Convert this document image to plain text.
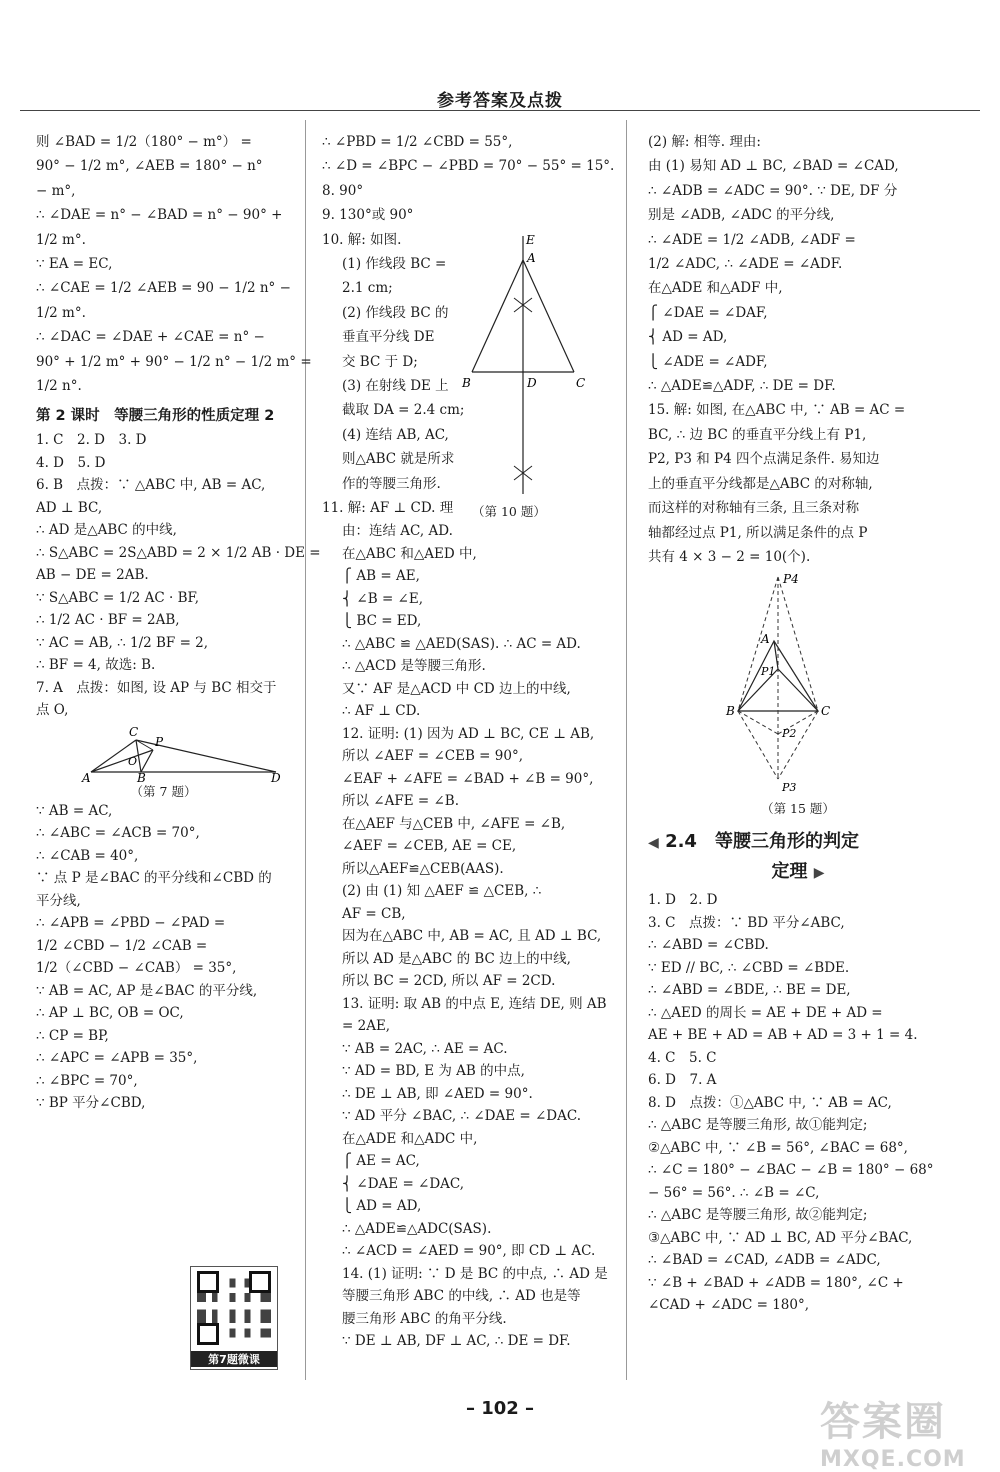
参考答案及点拨

则 ∠BAD = 1/2（180° − m°） =

90° − 1/2 m°, ∠AEB = 180° − n°

− m°,

∴ ∠DAE = n° − ∠BAD = n° − 90° +

1/2 m°.

∵ EA = EC,

∴ ∠CAE = 1/2 ∠AEB = 90 − 1/2 n° −

1/2 m°.

∴ ∠DAC = ∠DAE + ∠CAE = n° −

90° + 1/2 m° + 90° − 1/2 n° − 1/2 m° =

1/2 n°.

第 2 课时　等腰三角形的性质定理 2

1. C　2. D　3. D

4. D　5. D

6. B　点拨：∵ △ABC 中, AB = AC,

AD ⊥ BC,

∴ AD 是△ABC 的中线,

∴ S△ABC = 2S△ABD = 2 × 1/2 AB · DE =

AB − DE = 2AB.

∵ S△ABC = 1/2 AC · BF,

∴ 1/2 AC · BF = 2AB,

∵ AC = AB, ∴ 1/2 BF = 2,

∴ BF = 4, 故选: B.

7. A　点拨：如图, 设 AP 与 BC 相交于

点 O,

A	B
C
D
O
P

（第 7 题）

∵ AB = AC,

∴ ∠ABC = ∠ACB = 70°,

∴ ∠CAB = 40°,

∵ 点 P 是∠BAC 的平分线和∠CBD 的

平分线,

∴ ∠APB = ∠PBD − ∠PAD =

1/2 ∠CBD − 1/2 ∠CAB =

1/2（∠CBD − ∠CAB） = 35°,

∵ AB = AC, AP 是∠BAC 的平分线,

∴ AP ⊥ BC, OB = OC,

∴ CP = BP,

∴ ∠APC = ∠APB = 35°,

∴ ∠BPC = 70°,

∵ BP 平分∠CBD,

第7题微课

∴ ∠PBD = 1/2 ∠CBD = 55°,

∴ ∠D = ∠BPC − ∠PBD = 70° − 55° = 15°.

8. 90°

9. 130°或 90°

10. 解: 如图.

(1) 作线段 BC =

2.1 cm;

(2) 作线段 BC 的

垂直平分线 DE

交 BC 于 D;

(3) 在射线 DE 上

截取 DA = 2.4 cm;

(4) 连结 AB, AC,

则△ABC 就是所求

作的等腰三角形.

E
A
B	D	C
（第 10 题）

11. 解: AF ⊥ CD. 理

由：连结 AC, AD.

在△ABC 和△AED 中,

⎧ AB = AE,

⎨ ∠B = ∠E,

⎩ BC = ED,

∴ △ABC ≌ △AED(SAS). ∴ AC = AD.

∴ △ACD 是等腰三角形.

又∵ AF 是△ACD 中 CD 边上的中线,

∴ AF ⊥ CD.

12. 证明: (1) 因为 AD ⊥ BC, CE ⊥ AB,

所以 ∠AEF = ∠CEB = 90°,

∠EAF + ∠AFE = ∠BAD + ∠B = 90°,

所以 ∠AFE = ∠B.

在△AEF 与△CEB 中, ∠AFE = ∠B,

∠AEF = ∠CEB, AE = CE,

所以△AEF≌△CEB(AAS).

(2) 由 (1) 知 △AEF ≌ △CEB, ∴

AF = CB,

因为在△ABC 中, AB = AC, 且 AD ⊥ BC,

所以 AD 是△ABC 的 BC 边上的中线,

所以 BC = 2CD, 所以 AF = 2CD.

13. 证明: 取 AB 的中点 E, 连结 DE, 则 AB

= 2AE,

∵ AB = 2AC, ∴ AE = AC.

∵ AD = BD, E 为 AB 的中点,

∴ DE ⊥ AB, 即 ∠AED = 90°.

∵ AD 平分 ∠BAC, ∴ ∠DAE = ∠DAC.

在△ADE 和△ADC 中,

⎧ AE = AC,

⎨ ∠DAE = ∠DAC,

⎩ AD = AD,

∴ △ADE≌△ADC(SAS).

∴ ∠ACD = ∠AED = 90°, 即 CD ⊥ AC.

14. (1) 证明: ∵ D 是 BC 的中点, ∴ AD 是

等腰三角形 ABC 的中线, ∴ AD 也是等

腰三角形 ABC 的角平分线.

∵ DE ⊥ AB, DF ⊥ AC, ∴ DE = DF.

(2) 解: 相等. 理由:

由 (1) 易知 AD ⊥ BC, ∠BAD = ∠CAD,

∴ ∠ADB = ∠ADC = 90°. ∵ DE, DF 分

别是 ∠ADB, ∠ADC 的平分线,

∴ ∠ADE = 1/2 ∠ADB, ∠ADF =

1/2 ∠ADC, ∴ ∠ADE = ∠ADF.

在△ADE 和△ADF 中,

⎧ ∠DAE = ∠DAF,

⎨ AD = AD,

⎩ ∠ADE = ∠ADF,

∴ △ADE≌△ADF, ∴ DE = DF.

15. 解: 如图, 在△ABC 中, ∵ AB = AC =

BC, ∴ 边 BC 的垂直平分线上有 P1,

P2, P3 和 P4 四个点满足条件. 易知边

上的垂直平分线都是△ABC 的对称轴,

而这样的对称轴有三条, 且三条对称

轴都经过点 P1, 所以满足条件的点 P

共有 4 × 3 − 2 = 10(个).

P4
A
P1
B	C
P2
P3

（第 15 题）

◀ 2.4　等腰三角形的判定
定理 ▶

1. D　2. D

3. C　点拨：∵ BD 平分∠ABC,

∴ ∠ABD = ∠CBD.

∵ ED // BC, ∴ ∠CBD = ∠BDE.

∴ ∠ABD = ∠BDE, ∴ BE = DE,

∴ △AED 的周长 = AE + DE + AD =

AE + BE + AD = AB + AD = 3 + 1 = 4.

4. C　5. C

6. D　7. A

8. D　点拨：①△ABC 中, ∵ AB = AC,

∴ △ABC 是等腰三角形, 故①能判定;

②△ABC 中, ∵ ∠B = 56°, ∠BAC = 68°,

∴ ∠C = 180° − ∠BAC − ∠B = 180° − 68°

− 56° = 56°. ∴ ∠B = ∠C,

∴ △ABC 是等腰三角形, 故②能判定;

③△ABC 中, ∵ AD ⊥ BC, AD 平分∠BAC,

∴ ∠BAD = ∠CAD, ∠ADB = ∠ADC,

∵ ∠B + ∠BAD + ∠ADB = 180°, ∠C +

∠CAD + ∠ADC = 180°,

– 102 –	答案圈
MXQE.COM
